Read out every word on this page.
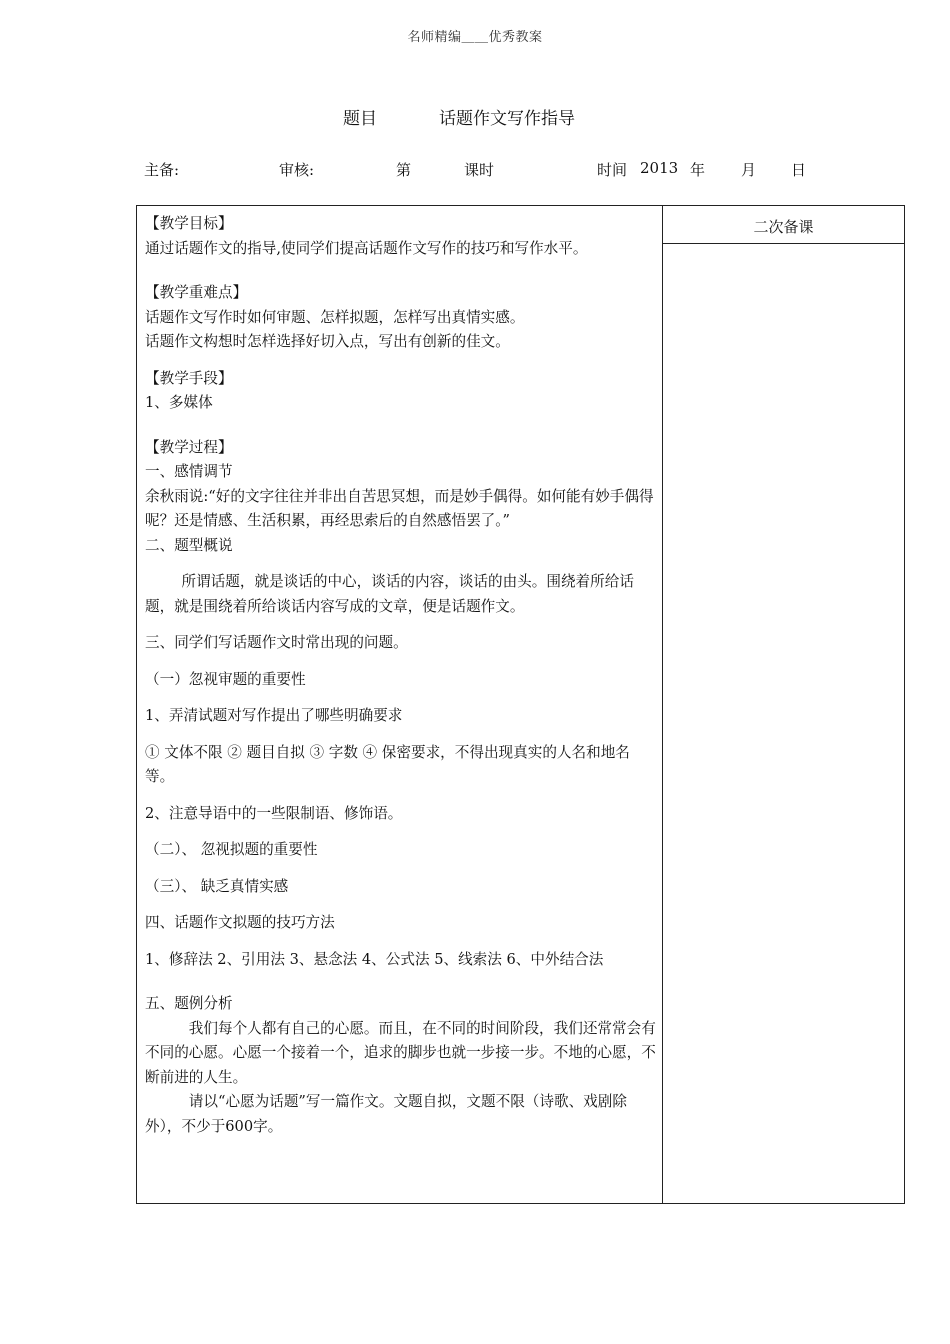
名师精编＿＿优秀教案
题目	话题作文写作指导
主备:	审核:	第	课时	时间 2013 年 月 日
二次备课

【教学目标】

通过话题作文的指导,使同学们提高话题作文写作的技巧和写作水平。

【教学重难点】

话题作文写作时如何审题、怎样拟题，怎样写出真情实感。

话题作文构想时怎样选择好切入点，写出有创新的佳文。

【教学手段】

1、多媒体

【教学过程】

一、感情调节

余秋雨说:“好的文字往往并非出自苦思冥想，而是妙手偶得。如何能有妙手偶得呢？还是情感、生活积累，再经思索后的自然感悟罢了。”

二、题型概说

所谓话题，就是谈话的中心，谈话的内容，谈话的由头。围绕着所给话题，就是围绕着所给谈话内容写成的文章，便是话题作文。

三、同学们写话题作文时常出现的问题。

（一）忽视审题的重要性

1、弄清试题对写作提出了哪些明确要求

① 文体不限 ② 题目自拟 ③ 字数 ④ 保密要求，不得出现真实的人名和地名等。

2、注意导语中的一些限制语、修饰语。

（二）、 忽视拟题的重要性

（三）、 缺乏真情实感

四、话题作文拟题的技巧方法

1、修辞法 2、引用法 3、悬念法 4、公式法 5、线索法 6、中外结合法

五、题例分析

我们每个人都有自己的心愿。而且，在不同的时间阶段，我们还常常会有不同的心愿。心愿一个接着一个，追求的脚步也就一步接一步。不地的心愿，不断前进的人生。

请以“心愿为话题”写一篇作文。文题自拟，文题不限（诗歌、戏剧除外），不少于600字。
